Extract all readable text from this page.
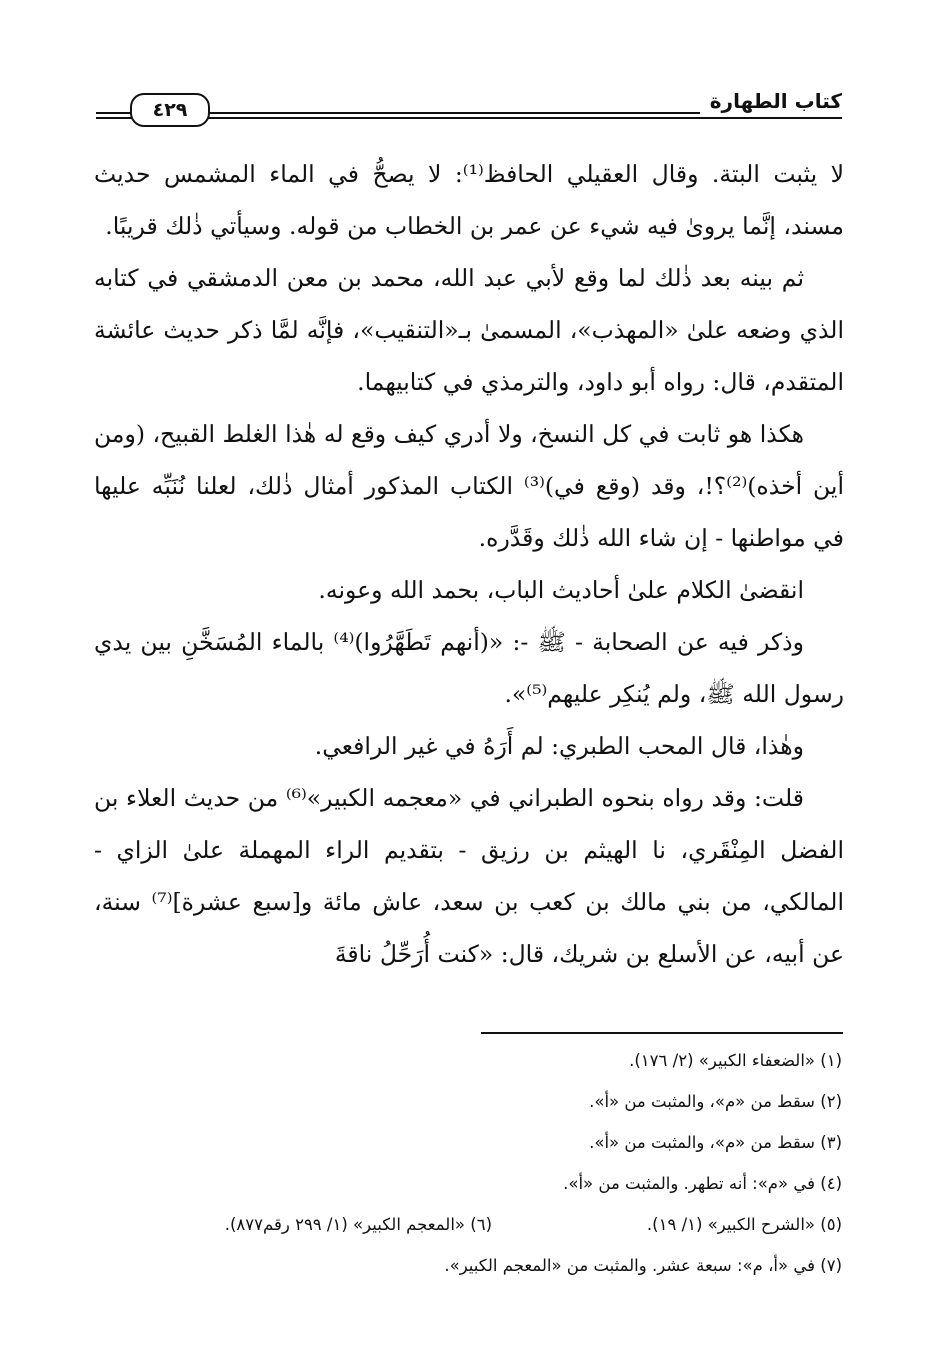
كتاب الطهارة
٤٢٩

لا يثبت البتة. وقال العقيلي الحافظ⁽¹⁾: لا يصحُّ في الماء المشمس حديث مسند، إنَّما يروىٰ فيه شيء عن عمر بن الخطاب من قوله. وسيأتي ذٰلك قريبًا.

ثم بينه بعد ذٰلك لما وقع لأبي عبد الله، محمد بن معن الدمشقي في كتابه الذي وضعه علىٰ «المهذب»، المسمىٰ بـ«التنقيب»، فإنَّه لمَّا ذكر حديث عائشة المتقدم، قال: رواه أبو داود، والترمذي في كتابيهما.

هكذا هو ثابت في كل النسخ، ولا أدري كيف وقع له هٰذا الغلط القبيح، (ومن أين أخذه)⁽²⁾؟!، وقد (وقع في)⁽³⁾ الكتاب المذكور أمثال ذٰلك، لعلنا نُنَبِّه عليها في مواطنها - إن شاء الله ذٰلك وقَدَّره.

انقضىٰ الكلام علىٰ أحاديث الباب، بحمد الله وعونه.

وذكر فيه عن الصحابة - ﷺ -: «(أنهم تَطَهَّرُوا)⁽⁴⁾ بالماء المُسَخَّنِ بين يدي رسول الله ﷺ، ولم يُنكِر عليهم⁽⁵⁾».

وهٰذا، قال المحب الطبري: لم أَرَهُ في غير الرافعي.

قلت: وقد رواه بنحوه الطبراني في «معجمه الكبير»⁽⁶⁾ من حديث العلاء بن الفضل المِنْقَري، نا الهيثم بن رزيق - بتقديم الراء المهملة علىٰ الزاي - المالكي، من بني مالك بن كعب بن سعد، عاش مائة و[سبع عشرة]⁽⁷⁾ سنة، عن أبيه، عن الأسلع بن شريك، قال: «كنت أُرَحِّلُ ناقةَ

(١) «الضعفاء الكبير» (٢/ ١٧٦).
(٢) سقط من «م»، والمثبت من «أ».
(٣) سقط من «م»، والمثبت من «أ».
(٤) في «م»: أنه تطهر. والمثبت من «أ».
(٥) «الشرح الكبير» (١/ ١٩).
(٦) «المعجم الكبير» (١/ ٢٩٩ رقم٨٧٧).
(٧) في «أ، م»: سبعة عشر. والمثبت من «المعجم الكبير».
